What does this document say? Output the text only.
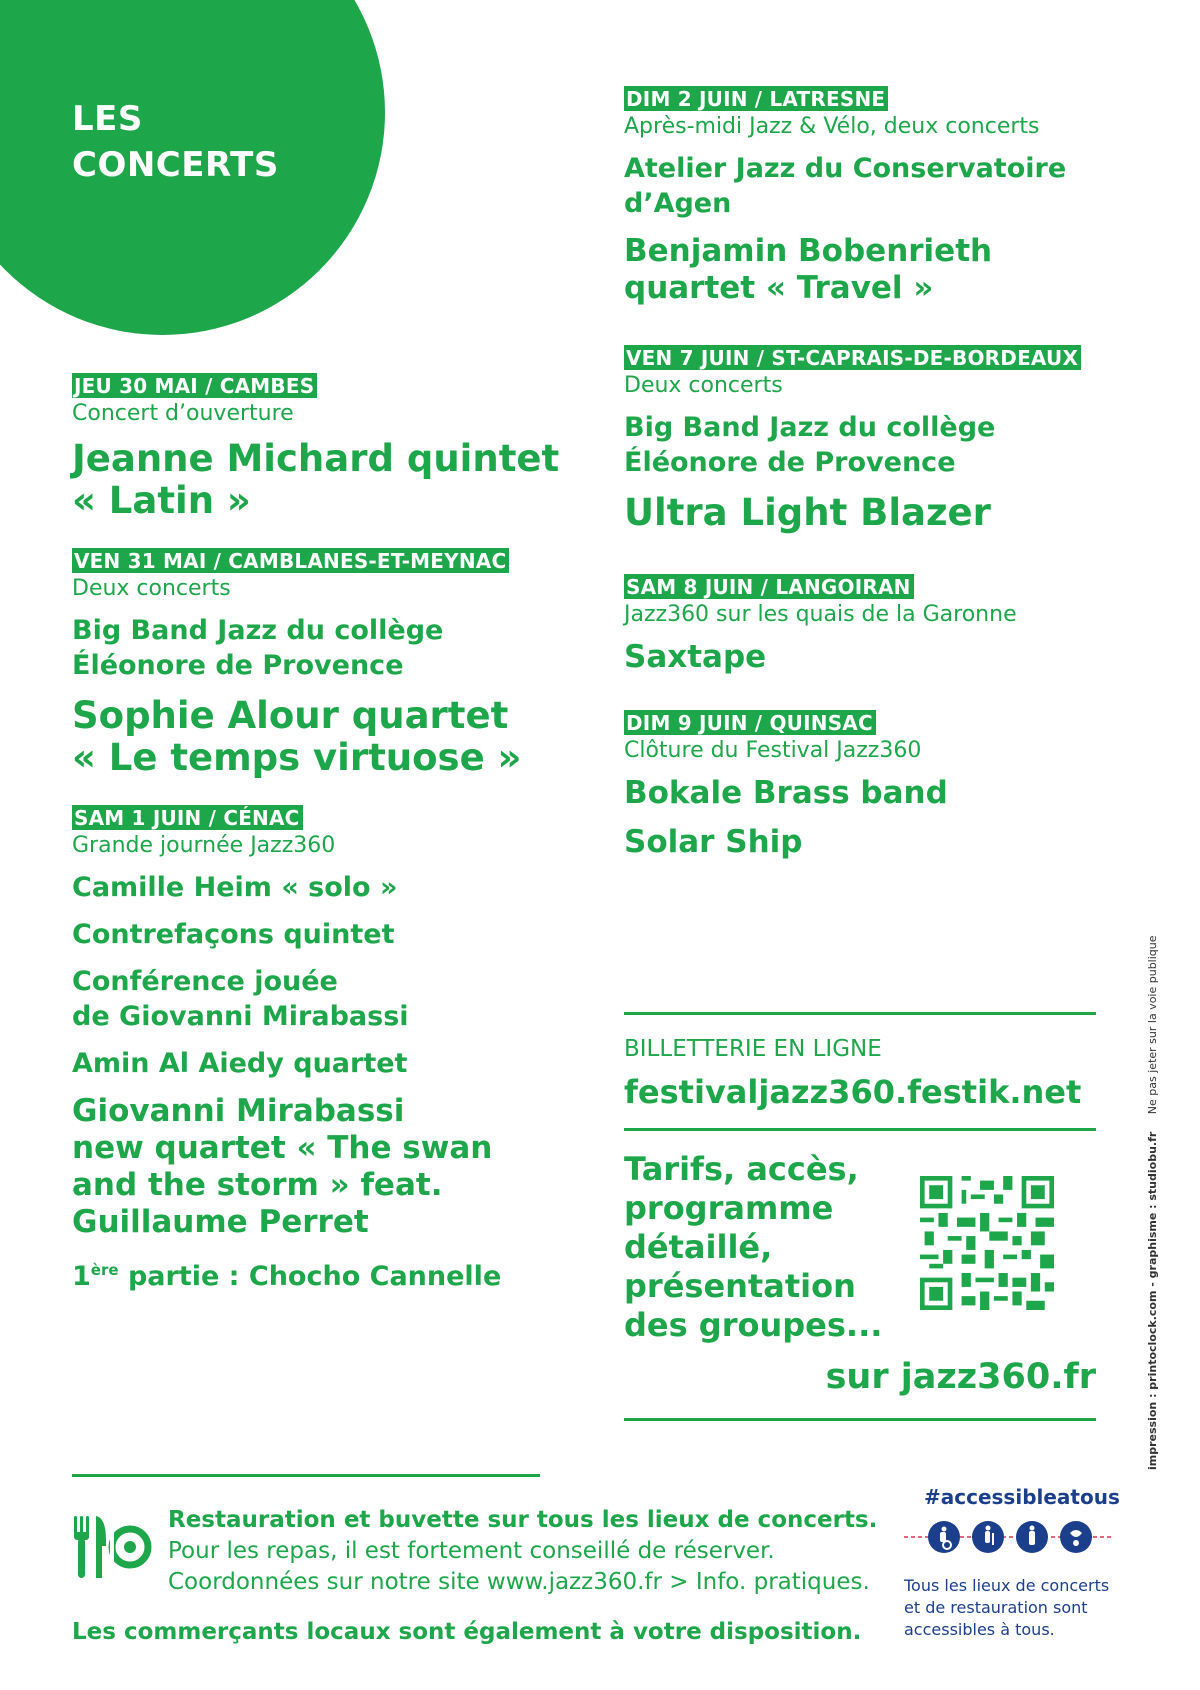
LES
CONCERTS
JEU 30 MAI / CAMBES
Concert d’ouverture
Jeanne Michard quintet
« Latin »
VEN 31 MAI / CAMBLANES-ET-MEYNAC
Deux concerts
Big Band Jazz du collège
Éléonore de Provence
Sophie Alour quartet
« Le temps virtuose »
SAM 1 JUIN / CÉNAC
Grande journée Jazz360
Camille Heim « solo »
Contrefaçons quintet
Conférence jouée
de Giovanni Mirabassi
Amin Al Aiedy quartet
Giovanni Mirabassi
new quartet « The swan
and the storm » feat.
Guillaume Perret
1ère partie : Chocho Cannelle
DIM 2 JUIN / LATRESNE
Après-midi Jazz & Vélo, deux concerts
Atelier Jazz du Conservatoire
d’Agen
Benjamin Bobenrieth
quartet « Travel »
VEN 7 JUIN / ST-CAPRAIS-DE-BORDEAUX
Deux concerts
Big Band Jazz du collège
Éléonore de Provence
Ultra Light Blazer
SAM 8 JUIN / LANGOIRAN
Jazz360 sur les quais de la Garonne
Saxtape
DIM 9 JUIN / QUINSAC
Clôture du Festival Jazz360
Bokale Brass band
Solar Ship
BILLETTERIE EN LIGNE
festivaljazz360.festik.net

Tarifs, accès,
programme
détaillé,
présentation
des groupes...

sur jazz360.fr	impression : printoclock.com - graphisme : studiobu.fr     Ne pas jeter sur la voie publique

Restauration et buvette sur tous les lieux de concerts.

Pour les repas, il est fortement conseillé de réserver.

Coordonnées sur notre site www.jazz360.fr > Info. pratiques.

Les commerçants locaux sont également à votre disposition.

#accessibleatous

Tous les lieux de concerts
et de restauration sont
accessibles à tous.
